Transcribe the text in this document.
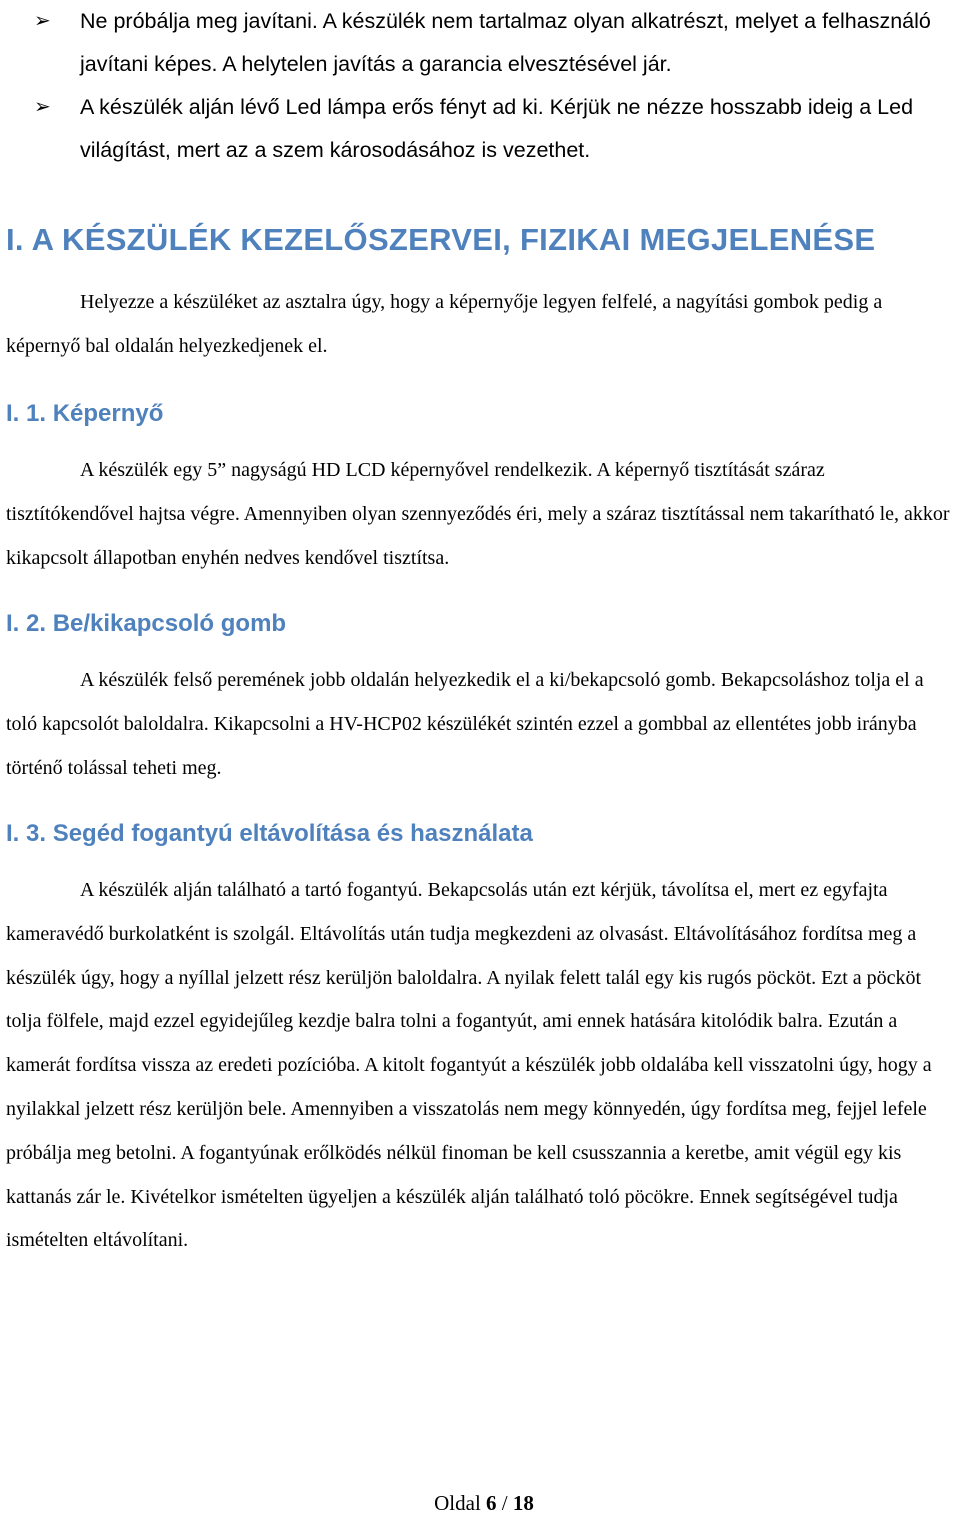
➢	Ne próbálja meg javítani. A készülék nem tartalmaz olyan alkatrészt, melyet a felhasználó javítani képes. A helytelen javítás a garancia elvesztésével jár.
➢	A készülék alján lévő Led lámpa erős fényt ad ki. Kérjük ne nézze hosszabb ideig a Led világítást, mert az a szem károsodásához is vezethet.
I. A KÉSZÜLÉK KEZELŐSZERVEI, FIZIKAI MEGJELENÉSE

Helyezze a készüléket az asztalra úgy, hogy a képernyője legyen felfelé, a nagyítási gombok pedig a képernyő bal oldalán helyezkedjenek el.

I. 1. Képernyő

A készülék egy 5” nagyságú HD LCD képernyővel rendelkezik. A képernyő tisztítását száraz tisztítókendővel hajtsa végre. Amennyiben olyan szennyeződés éri, mely a száraz tisztítással nem takarítható le, akkor kikapcsolt állapotban enyhén nedves kendővel tisztítsa.

I. 2. Be/kikapcsoló gomb

A készülék felső peremének jobb oldalán helyezkedik el a ki/bekapcsoló gomb. Bekapcsoláshoz tolja el a toló kapcsolót baloldalra. Kikapcsolni a HV-HCP02 készülékét szintén ezzel a gombbal az ellentétes jobb irányba történő tolással teheti meg.

I. 3. Segéd fogantyú eltávolítása és használata

A készülék alján található a tartó fogantyú. Bekapcsolás után ezt kérjük, távolítsa el, mert ez egyfajta kameravédő burkolatként is szolgál. Eltávolítás után tudja megkezdeni az olvasást. Eltávolításához fordítsa meg a készülék úgy, hogy a nyíllal jelzett rész kerüljön baloldalra. A nyilak felett talál egy kis rugós pöcköt. Ezt a pöcköt tolja fölfele, majd ezzel egyidejűleg kezdje balra tolni a fogantyút, ami ennek hatására kitolódik balra. Ezután a kamerát fordítsa vissza az eredeti pozícióba. A kitolt fogantyút a készülék jobb oldalába kell visszatolni úgy, hogy a nyilakkal jelzett rész kerüljön bele. Amennyiben a visszatolás nem megy könnyedén, úgy fordítsa meg, fejjel lefele próbálja meg betolni. A fogantyúnak erőlködés nélkül finoman be kell csusszannia a keretbe, amit végül egy kis kattanás zár le. Kivételkor ismételten ügyeljen a készülék alján található toló pöcökre. Ennek segítségével tudja ismételten eltávolítani.

Oldal 6 / 18
